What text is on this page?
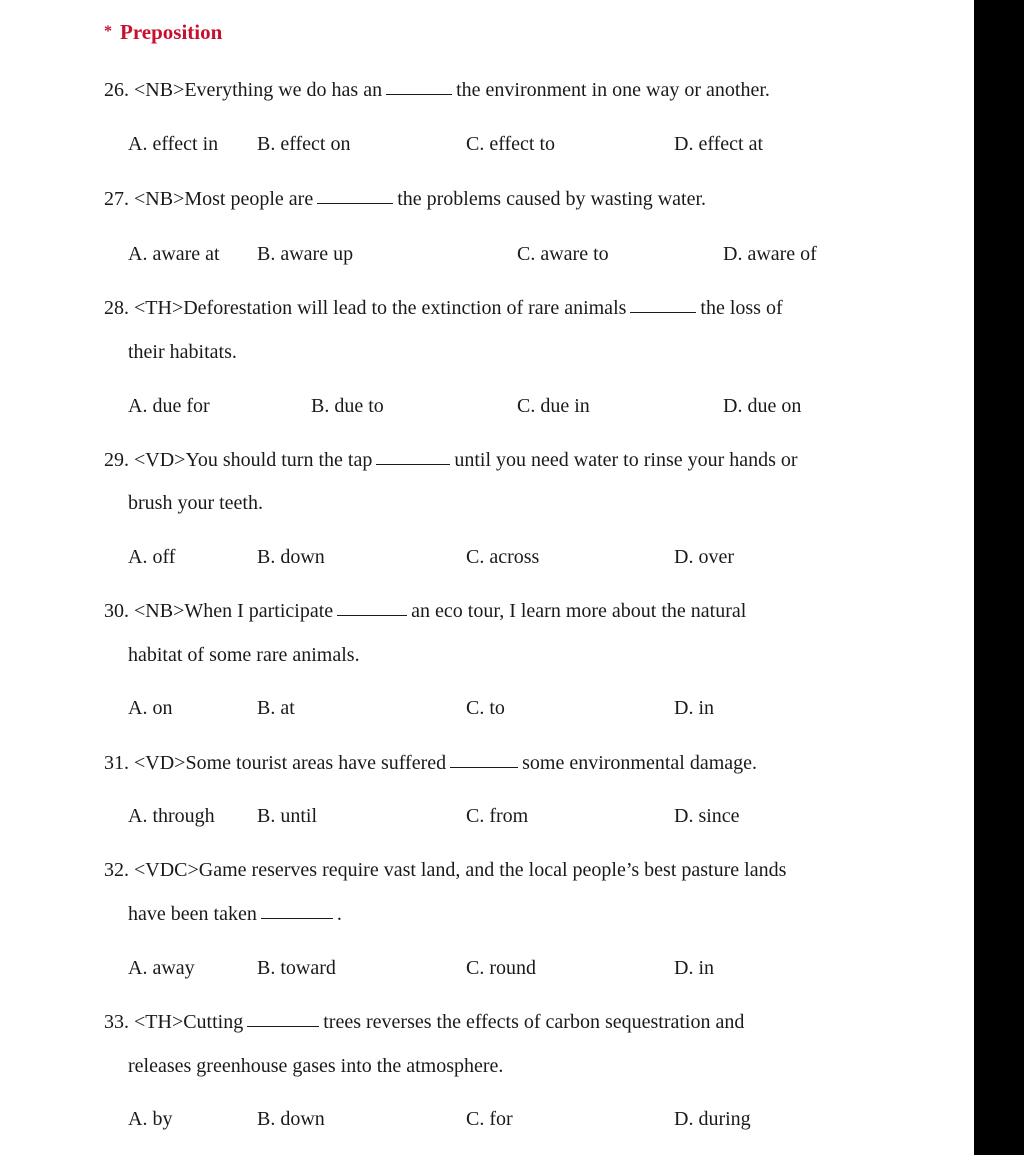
* Preposition
26. <NB>Everything we do has an	the environment in one way or another.
A. effect in B. effect on	C. effect to	D. effect at
27. <NB>Most people are	the problems caused by wasting water.
A. aware at B. aware up	C. aware to	D. aware of
28. <TH>Deforestation will lead to the extinction of rare animals	the loss of
their habitats.
A. due for	B. due to	C. due in	D. due on
29. <VD>You should turn the tap	until you need water to rinse your hands or
brush your teeth.
A. off	B. down	C. across	D. over
30. <NB>When I participate	an eco tour, I learn more about the natural
habitat of some rare animals.
A. on	B. at	C. to	D. in
31. <VD>Some tourist areas have suffered	some environmental damage.
A. through B. until	C. from	D. since
32. <VDC>Game reserves require vast land, and the local people’s best pasture lands
have been taken	.
A. away	B. toward	C. round	D. in
33. <TH>Cutting	trees reverses the effects of carbon sequestration and
releases greenhouse gases into the atmosphere.
A. by	B. down	C. for	D. during
